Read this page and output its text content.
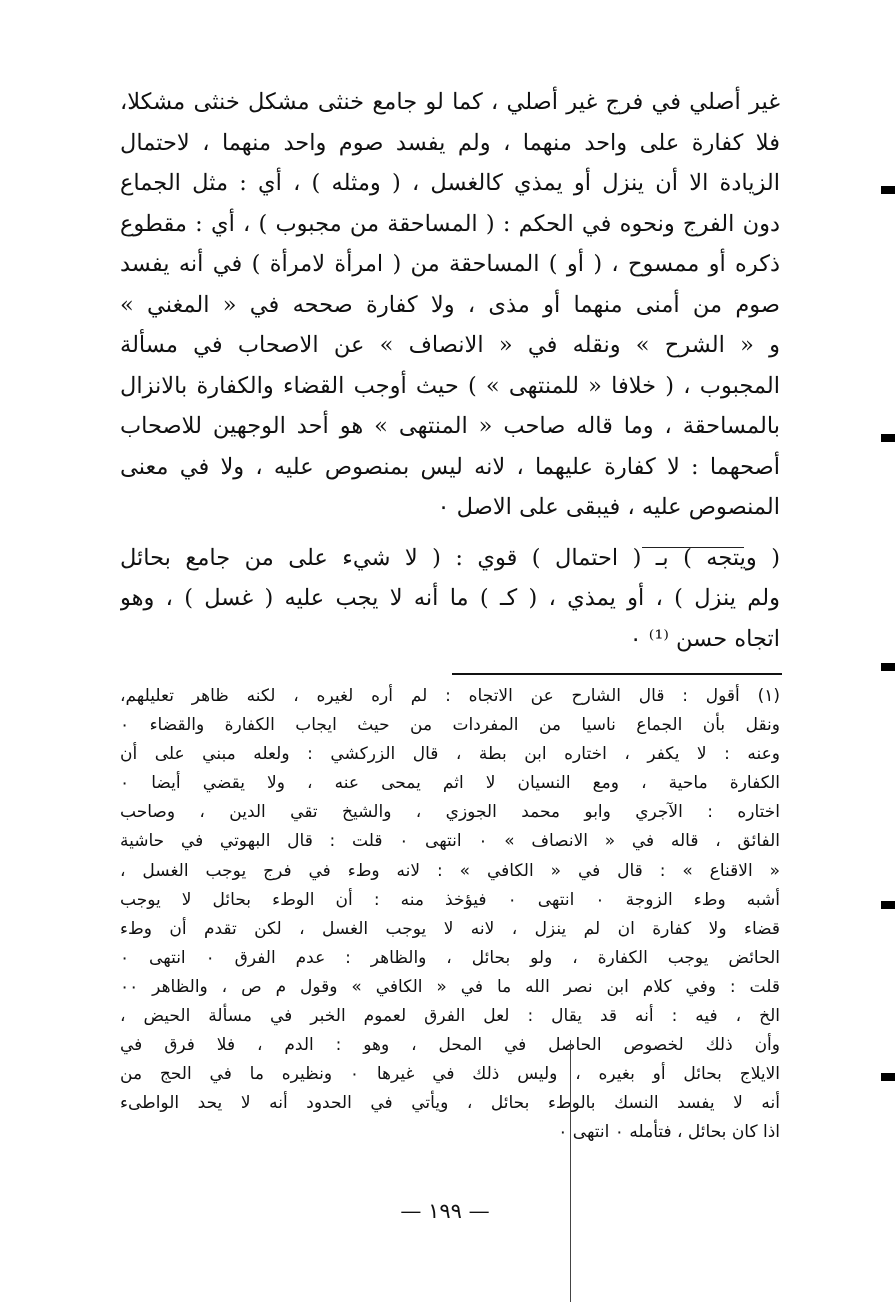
غير أصلي في فرج غير أصلي ، كما لو جامع خنثى مشكل خنثى مشكلا،
فلا كفارة على واحد منهما ، ولم يفسد صوم واحد منهما ، لاحتمال
الزيادة الا أن ينزل أو يمذي كالغسل ، ( ومثله ) ، أي : مثل الجماع
دون الفرج ونحوه في الحكم : ( المساحقة من مجبوب ) ، أي : مقطوع
ذكره أو ممسوح ، ( أو ) المساحقة من ( امرأة لامرأة ) في أنه يفسد
صوم من أمنى منهما أو مذى ، ولا كفارة صححه في « المغني »
و « الشرح » ونقله في « الانصاف » عن الاصحاب في مسألة
المجبوب ، ( خلافا « للمنتهى » ) حيث أوجب القضاء والكفارة بالانزال
بالمساحقة ، وما قاله صاحب « المنتهى » هو أحد الوجهين للاصحاب
أصحهما : لا كفارة عليهما ، لانه ليس بمنصوص عليه ، ولا في معنى
المنصوص عليه ، فيبقى على الاصل ٠
( ويتجه ) بـ ( احتمال ) قوي : ( لا شيء على من جامع بحائل
ولم ينزل ) ، أو يمذي ، ( كـ ) ما أنه لا يجب عليه ( غسل ) ، وهو
اتجاه حسن ⁽¹⁾ ٠
(١) أقول : قال الشارح عن الاتجاه : لم أره لغيره ، لكنه ظاهر تعليلهم،
ونقل بأن الجماع ناسيا من المفردات من حيث ايجاب الكفارة والقضاء ٠
وعنه : لا يكفر ، اختاره ابن بطة ، قال الزركشي : ولعله مبني على أن
الكفارة ماحية ، ومع النسيان لا اثم يمحى عنه ، ولا يقضي أيضا ٠
اختاره : الآجري وابو محمد الجوزي ، والشيخ تقي الدين ، وصاحب
الفائق ، قاله في « الانصاف » ٠ انتهى ٠ قلت : قال البهوتي في حاشية
« الاقناع » : قال في « الكافي » : لانه وطء في فرج يوجب الغسل ،
أشبه وطء الزوجة ٠ انتهى ٠ فيؤخذ منه : أن الوطء بحائل لا يوجب
قضاء ولا كفارة ان لم ينزل ، لانه لا يوجب الغسل ، لكن تقدم أن وطء
الحائض يوجب الكفارة ، ولو بحائل ، والظاهر : عدم الفرق ٠ انتهى ٠
قلت : وفي كلام ابن نصر الله ما في « الكافي » وقول م ص ، والظاهر ٠٠
الخ ، فيه : أنه قد يقال : لعل الفرق لعموم الخبر في مسألة الحيض ،
وأن ذلك لخصوص الحاصل في المحل ، وهو : الدم ، فلا فرق في
الايلاج بحائل أو بغيره ، وليس ذلك في غيرها ٠ ونظيره ما في الحج من
أنه لا يفسد النسك بالوطء بحائل ، ويأتي في الحدود أنه لا يحد الواطىء
اذا كان بحائل ، فتأمله ٠ انتهى ٠
— ١٩٩ —
